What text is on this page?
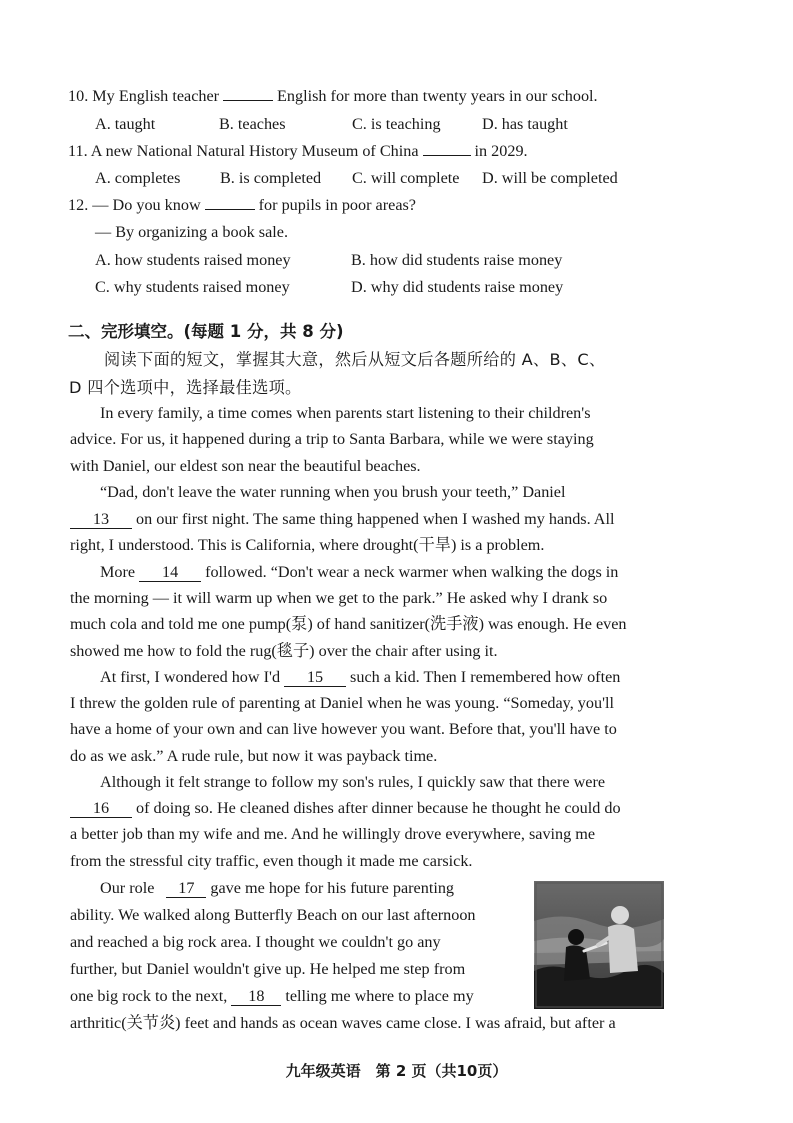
10. My English teacher	English for more than twenty years in our school.
A. taught	B. teaches	C. is teaching	D. has taught
11. A new National Natural History Museum of China	in 2029.
A. completes B. is completed C. will complete D. will be completed
12. — Do you know	for pupils in poor areas?
— By organizing a book sale.
A. how students raised money	B. how did students raise money
C. why students raised money	D. why did students raise money
二、完形填空。(每题 1 分，共 8 分)
阅读下面的短文，掌握其大意，然后从短文后各题所给的 A、B、C、
D 四个选项中，选择最佳选项。
In every family, a time comes when parents start listening to their children's
advice. For us, it happened during a trip to Santa Barbara, while we were staying
with Daniel, our eldest son near the beautiful beaches.
“Dad, don't leave the water running when you brush your teeth,” Daniel
13 on our first night. The same thing happened when I washed my hands. All
right, I understood. This is California, where drought(干旱) is a problem.
More 14 followed. “Don't wear a neck warmer when walking the dogs in
the morning — it will warm up when we get to the park.” He asked why I drank so
much cola and told me one pump(泵) of hand sanitizer(洗手液) was enough. He even
showed me how to fold the rug(毯子) over the chair after using it.
At first, I wondered how I'd 15 such a kid. Then I remembered how often
I threw the golden rule of parenting at Daniel when he was young. “Someday, you'll
have a home of your own and can live however you want. Before that, you'll have to
do as we ask.” A rude rule, but now it was payback time.
Although it felt strange to follow my son's rules, I quickly saw that there were
16 of doing so. He cleaned dishes after dinner because he thought he could do
a better job than my wife and me. And he willingly drove everywhere, saving me
from the stressful city traffic, even though it made me carsick.
Our role 17 gave me hope for his future parenting
ability. We walked along Butterfly Beach on our last afternoon
and reached a big rock area. I thought we couldn't go any
further, but Daniel wouldn't give up. He helped me step from
one big rock to the next, 18 telling me where to place my
arthritic(关节炎) feet and hands as ocean waves came close. I was afraid, but after a
九年级英语　第 2 页（共10页）
